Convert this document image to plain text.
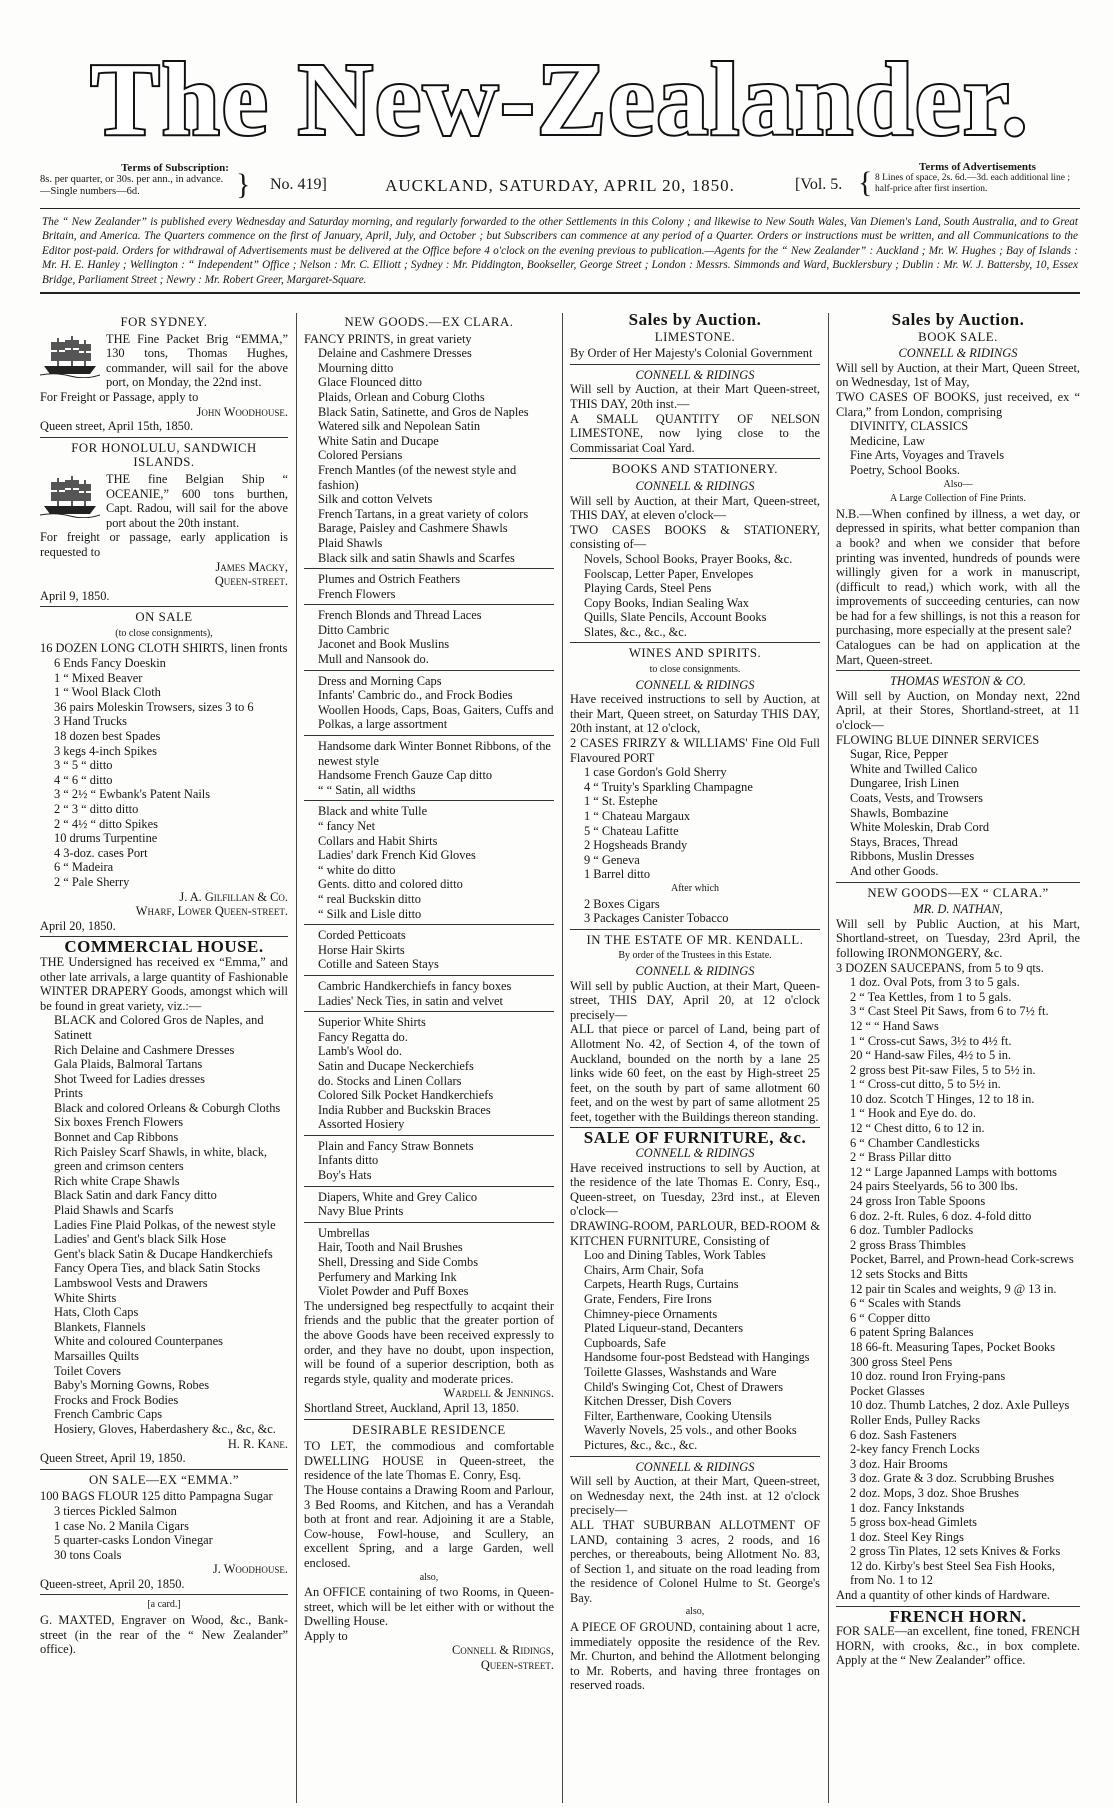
The New-Zealander.
Terms of Subscription:
8s. per quarter, or 30s. per ann., in advance.—Single numbers—6d.	} No. 419]	AUCKLAND, SATURDAY, APRIL 20, 1850.	[Vol. 5. {	Terms of Advertisements
8 Lines of space, 2s. 6d.—3d. each additional line ; half-price after first insertion.
The “ New Zealander” is published every Wednesday and Saturday morning, and regularly forwarded to the other Settlements in this Colony ; and likewise to New South Wales, Van Diemen's Land, South Australia, and to Great Britain, and America. The Quarters commence on the first of January, April, July, and October ; but Subscribers can commence at any period of a Quarter. Orders or instructions must be written, and all Communications to the Editor post-paid. Orders for withdrawal of Advertisements must be delivered at the Office before 4 o'clock on the evening previous to publication.—Agents for the “ New Zealander” : Auckland ; Mr. W. Hughes ; Bay of Islands : Mr. H. E. Hanley ; Wellington : “ Independent” Office ; Nelson : Mr. C. Elliott ; Sydney : Mr. Piddington, Bookseller, George Street ; London : Messrs. Simmonds and Ward, Bucklersbury ; Dublin : Mr. W. J. Battersby, 10, Essex Bridge, Parliament Street ; Newry : Mr. Robert Greer, Margaret-Square.
FOR SYDNEY.

THE Fine Packet Brig “EMMA,” 130 tons, Thomas Hughes, commander, will sail for the above port, on Monday, the 22nd inst.

For Freight or Passage, apply to

John Woodhouse.

Queen street, April 15th, 1850.

FOR HONOLULU, SANDWICH ISLANDS.

THE fine Belgian Ship “ OCEANIE,” 600 tons burthen, Capt. Radou, will sail for the above port about the 20th instant.

For freight or passage, early application is requested to

James Macky,
Queen-street.

April 9, 1850.

ON SALE
(to close consignments),

16 DOZEN LONG CLOTH SHIRTS, linen fronts

6 Ends Fancy Doeskin
1 “ Mixed Beaver
1 “ Wool Black Cloth
36 pairs Moleskin Trowsers, sizes 3 to 6
3 Hand Trucks
18 dozen best Spades
3 kegs 4-inch Spikes
3 “ 5 “ ditto
4 “ 6 “ ditto
3 “ 2½ “ Ewbank's Patent Nails
2 “ 3 “ ditto ditto
2 “ 4½ “ ditto Spikes
10 drums Turpentine
4 3-doz. cases Port
6 “ Madeira
2 “ Pale Sherry
J. A. Gilfillan & Co.
Wharf, Lower Queen-street.

April 20, 1850.

COMMERCIAL HOUSE.

THE Undersigned has received ex “Emma,” and other late arrivals, a large quantity of Fashionable WINTER DRAPERY Goods, amongst which will be found in great variety, viz.:—

BLACK and Colored Gros de Naples, and Satinett
Rich Delaine and Cashmere Dresses
Gala Plaids, Balmoral Tartans
Shot Tweed for Ladies dresses
Prints
Black and colored Orleans & Coburgh Cloths
Six boxes French Flowers
Bonnet and Cap Ribbons
Rich Paisley Scarf Shawls, in white, black, green and crimson centers
Rich white Crape Shawls
Black Satin and dark Fancy ditto
Plaid Shawls and Scarfs
Ladies Fine Plaid Polkas, of the newest style
Ladies' and Gent's black Silk Hose
Gent's black Satin & Ducape Handkerchiefs
Fancy Opera Ties, and black Satin Stocks
Lambswool Vests and Drawers
White Shirts
Hats, Cloth Caps
Blankets, Flannels
White and coloured Counterpanes
Marsailles Quilts
Toilet Covers
Baby's Morning Gowns, Robes
Frocks and Frock Bodies
French Cambric Caps
Hosiery, Gloves, Haberdashery &c., &c, &c.
H. R. Kane.

Queen Street, April 19, 1850.

ON SALE—EX “EMMA.”

100 BAGS FLOUR 125 ditto Pampagna Sugar

3 tierces Pickled Salmon
1 case No. 2 Manila Cigars
5 quarter-casks London Vinegar
30 tons Coals
J. Woodhouse.

Queen-street, April 20, 1850.

[a card.]

G. MAXTED, Engraver on Wood, &c., Bank-street (in the rear of the “ New Zealander” office).

NEW GOODS.—EX CLARA.

FANCY PRINTS, in great variety

Delaine and Cashmere Dresses
Mourning ditto
Glace Flounced ditto
Plaids, Orlean and Coburg Cloths
Black Satin, Satinette, and Gros de Naples
Watered silk and Nepolean Satin
White Satin and Ducape
Colored Persians
French Mantles (of the newest style and fashion)
Silk and cotton Velvets
French Tartans, in a great variety of colors
Barage, Paisley and Cashmere Shawls
Plaid Shawls
Black silk and satin Shawls and Scarfes
Plumes and Ostrich Feathers
French Flowers
French Blonds and Thread Laces
Ditto Cambric
Jaconet and Book Muslins
Mull and Nansook do.
Dress and Morning Caps
Infants' Cambric do., and Frock Bodies
Woollen Hoods, Caps, Boas, Gaiters, Cuffs and Polkas, a large assortment
Handsome dark Winter Bonnet Ribbons, of the newest style
Handsome French Gauze Cap ditto
“ “ Satin, all widths
Black and white Tulle
“ fancy Net
Collars and Habit Shirts
Ladies' dark French Kid Gloves
“ white do ditto
Gents. ditto and colored ditto
“ real Buckskin ditto
“ Silk and Lisle ditto
Corded Petticoats
Horse Hair Skirts
Cotille and Sateen Stays
Cambric Handkerchiefs in fancy boxes
Ladies' Neck Ties, in satin and velvet
Superior White Shirts
Fancy Regatta do.
Lamb's Wool do.
Satin and Ducape Neckerchiefs
do. Stocks and Linen Collars
Colored Silk Pocket Handkerchiefs
India Rubber and Buckskin Braces
Assorted Hosiery
Plain and Fancy Straw Bonnets
Infants ditto
Boy's Hats
Diapers, White and Grey Calico
Navy Blue Prints
Umbrellas
Hair, Tooth and Nail Brushes
Shell, Dressing and Side Combs
Perfumery and Marking Ink
Violet Powder and Puff Boxes

The undersigned beg respectfully to acqaint their friends and the public that the greater portion of the above Goods have been received expressly to order, and they have no doubt, upon inspection, will be found of a superior description, both as regards style, quality and moderate prices.

Wardell & Jennings.

Shortland Street, Auckland, April 13, 1850.

DESIRABLE RESIDENCE

TO LET, the commodious and comfortable DWELLING HOUSE in Queen-street, the residence of the late Thomas E. Conry, Esq.

The House contains a Drawing Room and Parlour, 3 Bed Rooms, and Kitchen, and has a Verandah both at front and rear. Adjoining it are a Stable, Cow-house, Fowl-house, and Scullery, an excellent Spring, and a large Garden, well enclosed.

also,

An OFFICE containing of two Rooms, in Queen-street, which will be let either with or without the Dwelling House.

Apply to

Connell & Ridings,
Queen-street.
Sales by Auction.
LIMESTONE.

By Order of Her Majesty's Colonial Government

CONNELL & RIDINGS

Will sell by Auction, at their Mart Queen-street, THIS DAY, 20th inst.—

A SMALL QUANTITY OF NELSON LIMESTONE, now lying close to the Commissariat Coal Yard.

BOOKS AND STATIONERY.
CONNELL & RIDINGS

Will sell by Auction, at their Mart, Queen-street, THIS DAY, at eleven o'clock—

TWO CASES BOOKS & STATIONERY, consisting of—

Novels, School Books, Prayer Books, &c.
Foolscap, Letter Paper, Envelopes
Playing Cards, Steel Pens
Copy Books, Indian Sealing Wax
Quills, Slate Pencils, Account Books
Slates, &c., &c., &c.
WINES AND SPIRITS.
to close consignments.
CONNELL & RIDINGS

Have received instructions to sell by Auction, at their Mart, Queen street, on Saturday THIS DAY, 20th instant, at 12 o'clock,

2 CASES FRIRZY & WILLIAMS' Fine Old Full Flavoured PORT

1 case Gordon's Gold Sherry
4 “ Truity's Sparkling Champagne
1 “ St. Estephe
1 “ Chateau Margaux
5 “ Chateau Lafitte
2 Hogsheads Brandy
9 “ Geneva
1 Barrel ditto
After which
2 Boxes Cigars
3 Packages Canister Tobacco
IN THE ESTATE OF MR. KENDALL.
By order of the Trustees in this Estate.
CONNELL & RIDINGS

Will sell by public Auction, at their Mart, Queen-street, THIS DAY, April 20, at 12 o'clock precisely—

ALL that piece or parcel of Land, being part of Allotment No. 42, of Section 4, of the town of Auckland, bounded on the north by a lane 25 links wide 60 feet, on the east by High-street 25 feet, on the south by part of same allotment 60 feet, and on the west by part of same allotment 25 feet, together with the Buildings thereon standing.

SALE OF FURNITURE, &c.
CONNELL & RIDINGS

Have received instructions to sell by Auction, at the residence of the late Thomas E. Conry, Esq., Queen-street, on Tuesday, 23rd inst., at Eleven o'clock—

DRAWING-ROOM, PARLOUR, BED-ROOM & KITCHEN FURNITURE, Consisting of

Loo and Dining Tables, Work Tables
Chairs, Arm Chair, Sofa
Carpets, Hearth Rugs, Curtains
Grate, Fenders, Fire Irons
Chimney-piece Ornaments
Plated Liqueur-stand, Decanters
Cupboards, Safe
Handsome four-post Bedstead with Hangings
Toilette Glasses, Washstands and Ware
Child's Swinging Cot, Chest of Drawers
Kitchen Dresser, Dish Covers
Filter, Earthenware, Cooking Utensils
Waverly Novels, 25 vols., and other Books
Pictures, &c., &c., &c.
CONNELL & RIDINGS

Will sell by Auction, at their Mart, Queen-street, on Wednesday next, the 24th inst. at 12 o'clock precisely—

ALL THAT SUBURBAN ALLOTMENT OF LAND, containing 3 acres, 2 roods, and 16 perches, or thereabouts, being Allotment No. 83, of Section 1, and situate on the road leading from the residence of Colonel Hulme to St. George's Bay.

also,

A PIECE OF GROUND, containing about 1 acre, immediately opposite the residence of the Rev. Mr. Churton, and behind the Allotment belonging to Mr. Roberts, and having three frontages on reserved roads.

Sales by Auction.
BOOK SALE.
CONNELL & RIDINGS

Will sell by Auction, at their Mart, Queen Street, on Wednesday, 1st of May,

TWO CASES OF BOOKS, just received, ex “ Clara,” from London, comprising

DIVINITY, CLASSICS
Medicine, Law
Fine Arts, Voyages and Travels
Poetry, School Books.
Also—
A Large Collection of Fine Prints.

N.B.—When confined by illness, a wet day, or depressed in spirits, what better companion than a book? and when we consider that before printing was invented, hundreds of pounds were willingly given for a work in manuscript, (difficult to read,) which work, with all the improvements of succeeding centuries, can now be had for a few shillings, is not this a reason for purchasing, more especially at the present sale?

Catalogues can be had on application at the Mart, Queen-street.

THOMAS WESTON & CO.

Will sell by Auction, on Monday next, 22nd April, at their Stores, Shortland-street, at 11 o'clock—

FLOWING BLUE DINNER SERVICES

Sugar, Rice, Pepper
White and Twilled Calico
Dungaree, Irish Linen
Coats, Vests, and Trowsers
Shawls, Bombazine
White Moleskin, Drab Cord
Stays, Braces, Thread
Ribbons, Muslin Dresses
And other Goods.
NEW GOODS—EX “ CLARA.”
MR. D. NATHAN,

Will sell by Public Auction, at his Mart, Shortland-street, on Tuesday, 23rd April, the following IRONMONGERY, &c.

3 DOZEN SAUCEPANS, from 5 to 9 qts.

1 doz. Oval Pots, from 3 to 5 gals.
2 “ Tea Kettles, from 1 to 5 gals.
3 “ Cast Steel Pit Saws, from 6 to 7½ ft.
12 “ “ Hand Saws
1 “ Cross-cut Saws, 3½ to 4½ ft.
20 “ Hand-saw Files, 4½ to 5 in.
2 gross best Pit-saw Files, 5 to 5½ in.
1 “ Cross-cut ditto, 5 to 5½ in.
10 doz. Scotch T Hinges, 12 to 18 in.
1 “ Hook and Eye do. do.
12 “ Chest ditto, 6 to 12 in.
6 “ Chamber Candlesticks
2 “ Brass Pillar ditto
12 “ Large Japanned Lamps with bottoms
24 pairs Steelyards, 56 to 300 lbs.
24 gross Iron Table Spoons
6 doz. 2-ft. Rules, 6 doz. 4-fold ditto
6 doz. Tumbler Padlocks
2 gross Brass Thimbles
Pocket, Barrel, and Prown-head Cork-screws
12 sets Stocks and Bitts
12 pair tin Scales and weights, 9 @ 13 in.
6 “ Scales with Stands
6 “ Copper ditto
6 patent Spring Balances
18 66-ft. Measuring Tapes, Pocket Books
300 gross Steel Pens
10 doz. round Iron Frying-pans
Pocket Glasses
10 doz. Thumb Latches, 2 doz. Axle Pulleys
Roller Ends, Pulley Racks
6 doz. Sash Fasteners
2-key fancy French Locks
3 doz. Hair Brooms
3 doz. Grate & 3 doz. Scrubbing Brushes
2 doz. Mops, 3 doz. Shoe Brushes
1 doz. Fancy Inkstands
5 gross box-head Gimlets
1 doz. Steel Key Rings
2 gross Tin Plates, 12 sets Knives & Forks
12 do. Kirby's best Steel Sea Fish Hooks, from No. 1 to 12

And a quantity of other kinds of Hardware.

FRENCH HORN.

FOR SALE—an excellent, fine toned, FRENCH HORN, with crooks, &c., in box complete. Apply at the “ New Zealander” office.
